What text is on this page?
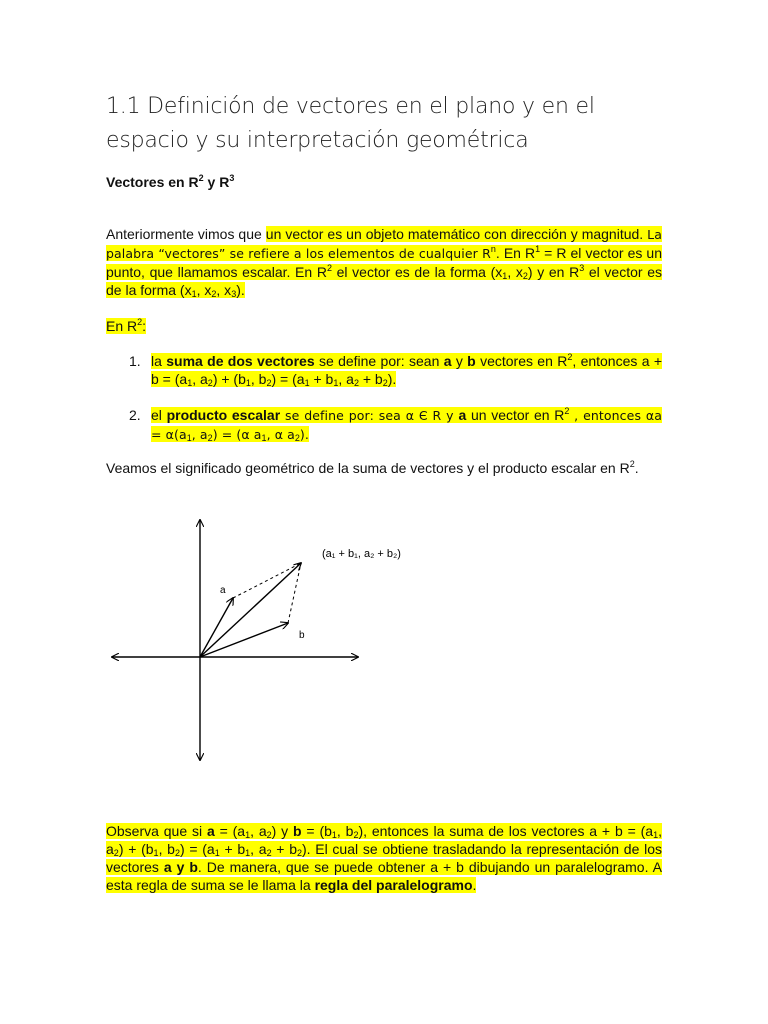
1.1 Definición de vectores en el plano y en el espacio y su interpretación geométrica
Vectores en $R^2$ y $R^3$
Anteriormente vimos que un vector es un objeto matemático con dirección y magnitud. La palabra “vectores” se refiere a los elementos de cualquier $R^n$. En $R^1 = R$ el vector es un punto, que llamamos escalar. En $R^2$ el vector es de la forma ($x_1$, $x_2$) y en $R^3$ el vector es de la forma ($x_1$, $x_2$, $x_3$).
En $R^2$:
1. la suma de dos vectores se define por: sean a y b vectores en $R^2$, entonces $a + b = (a_1$, $a_2) + (b_1$, $b_2) = (a_1 + b_1$, $a_2 + b_2$).
2. el producto escalar se define por: sea α Є R y a un vector en $R^2$ , entonces $\alpha a = \alpha(a_1$, $a_2) = (\alpha$ $a_1$, α $a_2$).
Veamos el significado geométrico de la suma de vectores y el producto escalar en $R^2$.
a
b
(a₁ + b₁, a₂ + b₂)
Observa que si $a = (a_1$, $a_2$) y $b = (b_1$, $b_2$), entonces la suma de los vectores $a + b = (a_1$, $a_2) + (b_1$, $b_2) = (a_1 + b_1$, $a_2 + b_2$). El cual se obtiene trasladando la representación de los vectores a y b. De manera, que se puede obtener a + b dibujando un paralelogramo. A esta regla de suma se le llama la regla del paralelogramo.
